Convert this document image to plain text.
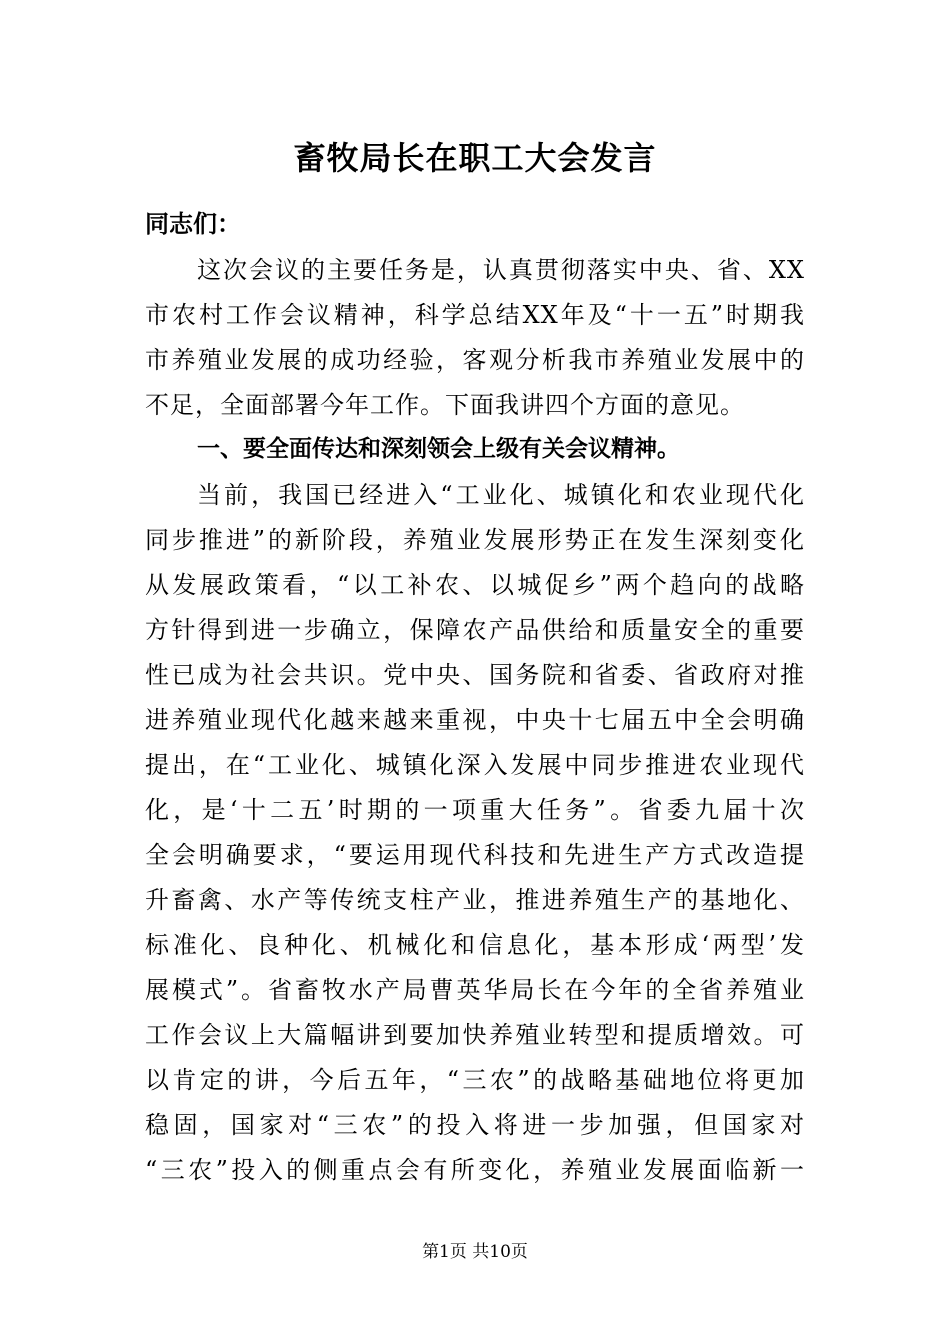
畜牧局长在职工大会发言

同志们：

这次会议的主要任务是，认真贯彻落实中央、省、XX
市农村工作会议精神，科学总结XX年及“十一五”时期我
市养殖业发展的成功经验，客观分析我市养殖业发展中的
不足，全面部署今年工作。下面我讲四个方面的意见。

一、要全面传达和深刻领会上级有关会议精神。

当前，我国已经进入“工业化、城镇化和农业现代化
同步推进”的新阶段，养殖业发展形势正在发生深刻变化
从发展政策看，“以工补农、以城促乡”两个趋向的战略
方针得到进一步确立，保障农产品供给和质量安全的重要
性已成为社会共识。党中央、国务院和省委、省政府对推
进养殖业现代化越来越来重视，中央十七届五中全会明确
提出，在“工业化、城镇化深入发展中同步推进农业现代
化，是‘十二五’时期的一项重大任务”。省委九届十次
全会明确要求，“要运用现代科技和先进生产方式改造提
升畜禽、水产等传统支柱产业，推进养殖生产的基地化、
标准化、良种化、机械化和信息化，基本形成‘两型’发
展模式”。省畜牧水产局曹英华局长在今年的全省养殖业
工作会议上大篇幅讲到要加快养殖业转型和提质增效。可
以肯定的讲，今后五年，“三农”的战略基础地位将更加
稳固，国家对“三农”的投入将进一步加强，但国家对
“三农”投入的侧重点会有所变化，养殖业发展面临新一
第1页 共10页
